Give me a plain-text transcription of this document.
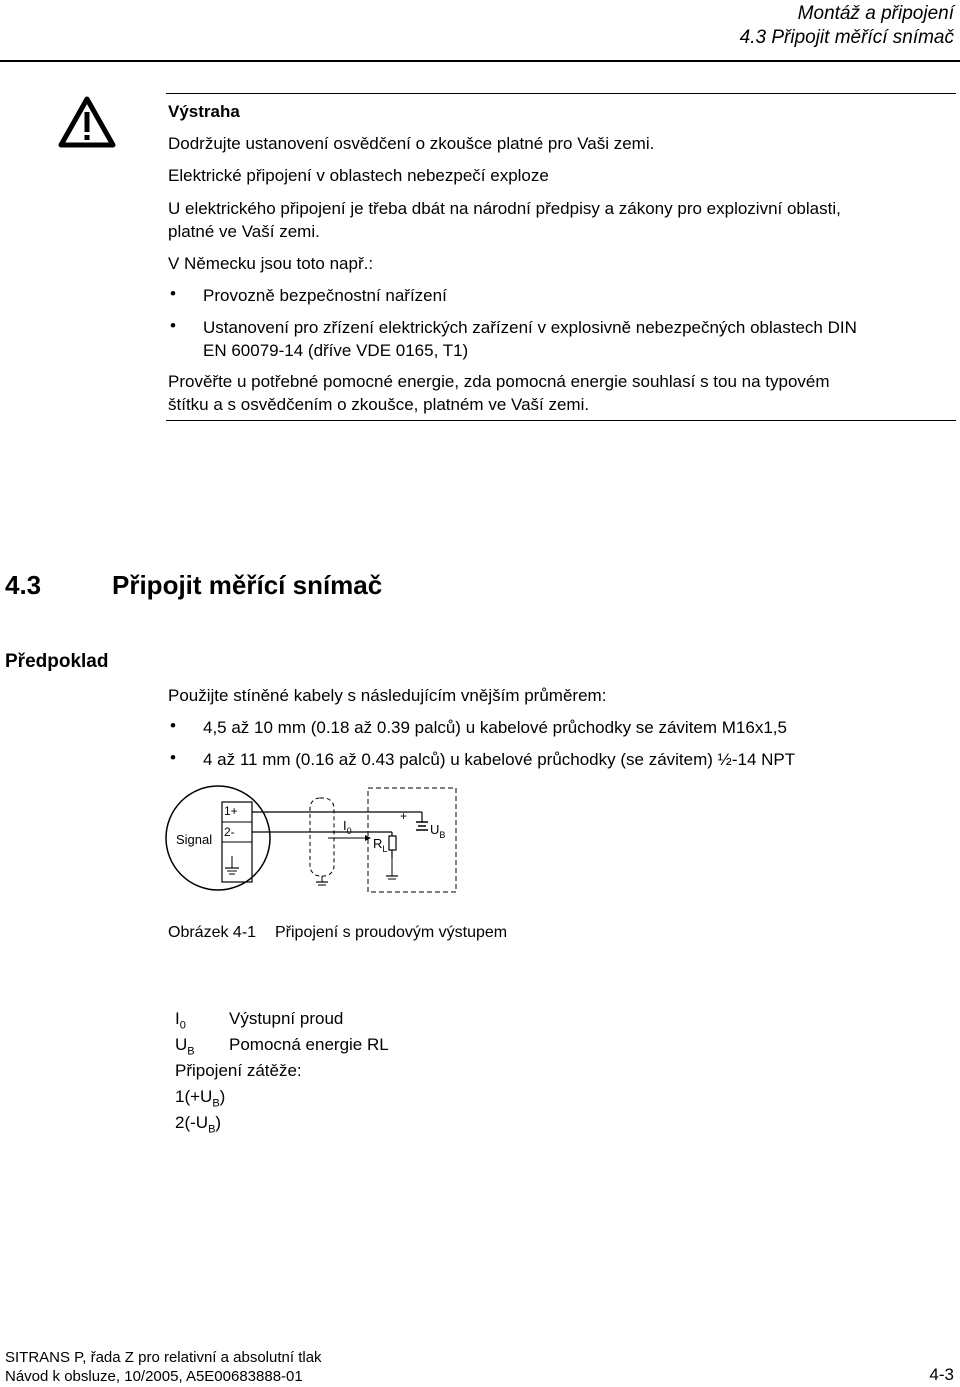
Montáž a připojení
4.3 Připojit měřící snímač
Výstraha
Dodržujte ustanovení osvědčení o zkoušce platné pro Vaši zemi.
Elektrické připojení v oblastech nebezpečí exploze
U elektrického připojení je třeba dbát na národní předpisy a zákony pro explozivní oblasti,
platné ve Vaší zemi.
V Německu jsou toto např.:
• Provozně bezpečnostní nařízení
• Ustanovení pro zřízení elektrických zařízení v explosivně nebezpečných oblastech DIN
EN 60079-14 (dříve VDE 0165, T1)
Prověřte u potřebné pomocné energie, zda pomocná energie souhlasí s tou na typovém
štítku a s osvědčením o zkoušce, platném ve Vaší zemi.
4.3	Připojit měřící snímač
Předpoklad
Použijte stíněné kabely s následujícím vnějším průměrem:
• 4,5 až 10 mm (0.18 až 0.39 palců) u kabelové průchodky se závitem M16x1,5
• 4 až 11 mm (0.16 až 0.43 palců) u kabelové průchodky (se závitem) ½-14 NPT
Signal
1+
2-	$I_0$
+
$U_B$
$R_L$
Obrázek 4-1 Připojení s proudovým výstupem
$I_0$	Výstupní proud
$U_B$ Pomocná energie RL
Připojení zátěže:
$1(+U_B)$
$2(-U_B)$
SITRANS P, řada Z pro relativní a absolutní tlak
Návod k obsluze, 10/2005, A5E00683888-01	4-3
